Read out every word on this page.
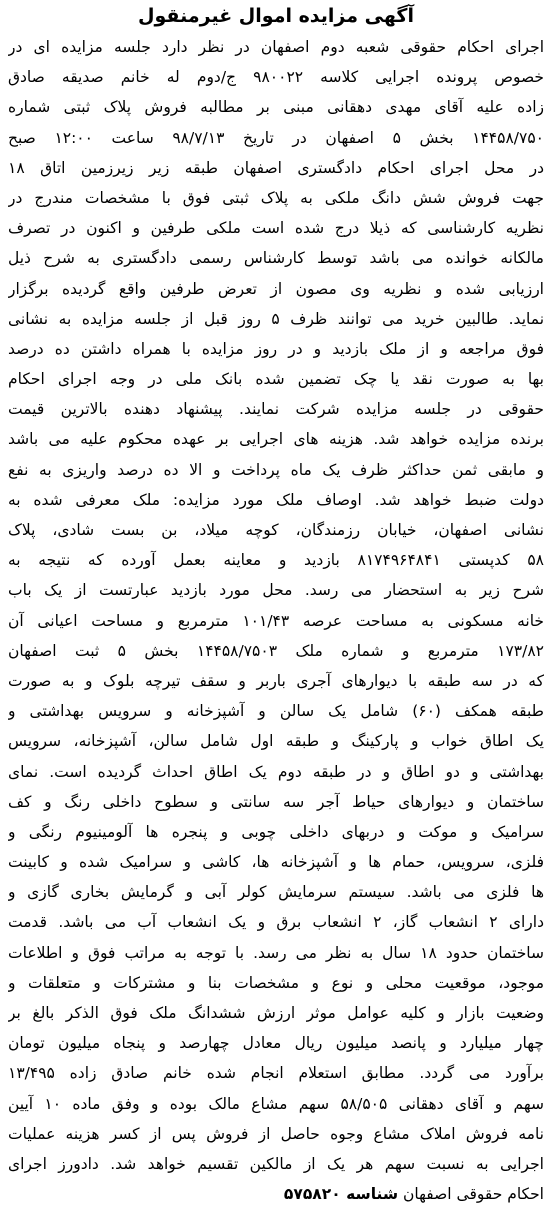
آگهی مزایده اموال غیرمنقول
اجرای احکام حقوقی شعبه دوم اصفهان در نظر دارد جلسه مزایده ای در
خصوص پرونده اجرایی کلاسه ۹۸۰۰۲۲ ج/دوم له خانم صدیقه صادق
زاده علیه آقای مهدی دهقانی مبنی بر مطالبه فروش پلاک ثبتی شماره
۱۴۴۵۸/۷۵۰ بخش ۵ اصفهان در تاریخ ۹۸/۷/۱۳ ساعت ۱۲:۰۰ صبح
در محل اجرای احکام دادگستری اصفهان طبقه زیر زیرزمین اتاق ۱۸
جهت فروش شش دانگ ملکی به پلاک ثبتی فوق با مشخصات مندرج در
نظریه کارشناسی که ذیلا درج شده است ملکی طرفین و اکنون در تصرف
مالکانه خوانده می باشد توسط کارشناس رسمی دادگستری به شرح ذیل
ارزیابی شده و نظریه وی مصون از تعرض طرفین واقع گردیده برگزار
نماید. طالبین خرید می توانند ظرف ۵ روز قبل از جلسه مزایده به نشانی
فوق مراجعه و از ملک بازدید و در روز مزایده با همراه داشتن ده درصد
بها به صورت نقد یا چک تضمین شده بانک ملی در وجه اجرای احکام
حقوقی در جلسه مزایده شرکت نمایند. پیشنهاد دهنده بالاترین قیمت
برنده مزایده خواهد شد. هزینه های اجرایی بر عهده محکوم علیه می باشد
و مابقی ثمن حداکثر ظرف یک ماه پرداخت و الا ده درصد واریزی به نفع
دولت ضبط خواهد شد. اوصاف ملک مورد مزایده: ملک معرفی شده به
نشانی اصفهان، خیابان رزمندگان، کوچه میلاد، بن بست شادی، پلاک
۵۸ کدپستی ۸۱۷۴۹۶۴۸۴۱ بازدید و معاینه بعمل آورده که نتیجه به
شرح زیر به استحضار می رسد. محل مورد بازدید عبارتست از یک باب
خانه مسکونی به مساحت عرصه ۱۰۱/۴۳ مترمربع و مساحت اعیانی آن
۱۷۳/۸۲ مترمربع و شماره ملک ۱۴۴۵۸/۷۵۰۳ بخش ۵ ثبت اصفهان
که در سه طبقه با دیوارهای آجری باربر و سقف تیرچه بلوک و به صورت
طبقه همکف (۶۰) شامل یک سالن و آشپزخانه و سرویس بهداشتی و
یک اطاق خواب و پارکینگ و طبقه اول شامل سالن، آشپزخانه، سرویس
بهداشتی و دو اطاق و در طبقه دوم یک اطاق احداث گردیده است. نمای
ساختمان و دیوارهای حیاط آجر سه سانتی و سطوح داخلی رنگ و کف
سرامیک و موکت و دربهای داخلی چوبی و پنجره ها آلومینیوم رنگی و
فلزی، سرویس، حمام ها و آشپزخانه ها، کاشی و سرامیک شده و کابینت
ها فلزی می باشد. سیستم سرمایش کولر آبی و گرمایش بخاری گازی و
دارای ۲ انشعاب گاز، ۲ انشعاب برق و یک انشعاب آب می باشد. قدمت
ساختمان حدود ۱۸ سال به نظر می رسد. با توجه به مراتب فوق و اطلاعات
موجود، موقعیت محلی و نوع و مشخصات بنا و مشترکات و متعلقات و
وضعیت بازار و کلیه عوامل موثر ارزش ششدانگ ملک فوق الذکر بالغ بر
چهار میلیارد و پانصد میلیون ریال معادل چهارصد و پنجاه میلیون تومان
برآورد می گردد. مطابق استعلام انجام شده خانم صادق زاده ۱۳/۴۹۵
سهم و آقای دهقانی ۵۸/۵۰۵ سهم مشاع مالک بوده و وفق ماده ۱۰ آیین
نامه فروش املاک مشاع وجوه حاصل از فروش پس از کسر هزینه عملیات
اجرایی به نسبت سهم هر یک از مالکین تقسیم خواهد شد. دادورز اجرای
احکام حقوقی اصفهان شناسه ۵۷۵۸۲۰
